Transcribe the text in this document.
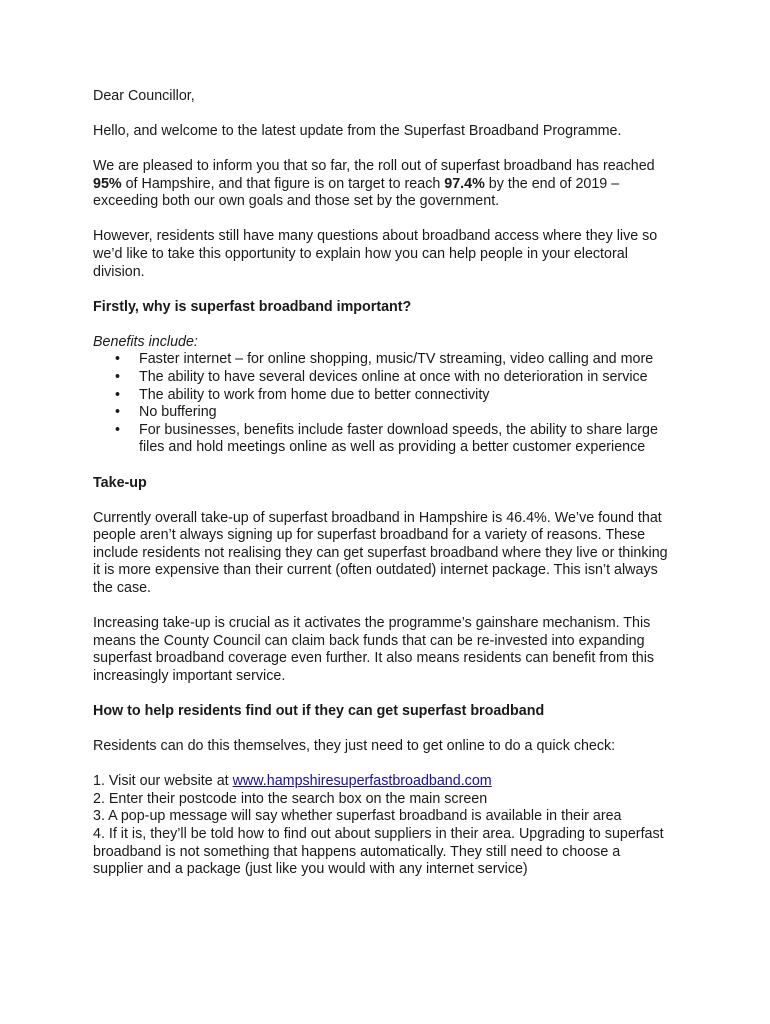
Dear Councillor,

Hello, and welcome to the latest update from the Superfast Broadband Programme.

We are pleased to inform you that so far, the roll out of superfast broadband has reached 95% of Hampshire, and that figure is on target to reach 97.4% by the end of 2019 – exceeding both our own goals and those set by the government.

However, residents still have many questions about broadband access where they live so we’d like to take this opportunity to explain how you can help people in your electoral division.

Firstly, why is superfast broadband important?

Benefits include:

• Faster internet – for online shopping, music/TV streaming, video calling and more
• The ability to have several devices online at once with no deterioration in service
• The ability to work from home due to better connectivity
• No buffering
• For businesses, benefits include faster download speeds, the ability to share large files and hold meetings online as well as providing a better customer experience

Take-up

Currently overall take-up of superfast broadband in Hampshire is 46.4%. We’ve found that people aren’t always signing up for superfast broadband for a variety of reasons. These include residents not realising they can get superfast broadband where they live or thinking it is more expensive than their current (often outdated) internet package. This isn’t always the case.

Increasing take-up is crucial as it activates the programme’s gainshare mechanism. This means the County Council can claim back funds that can be re-invested into expanding superfast broadband coverage even further. It also means residents can benefit from this increasingly important service.

How to help residents find out if they can get superfast broadband

Residents can do this themselves, they just need to get online to do a quick check:

1. Visit our website at www.hampshiresuperfastbroadband.com
2. Enter their postcode into the search box on the main screen
3. A pop-up message will say whether superfast broadband is available in their area
4. If it is, they’ll be told how to find out about suppliers in their area. Upgrading to superfast broadband is not something that happens automatically. They still need to choose a supplier and a package (just like you would with any internet service)
